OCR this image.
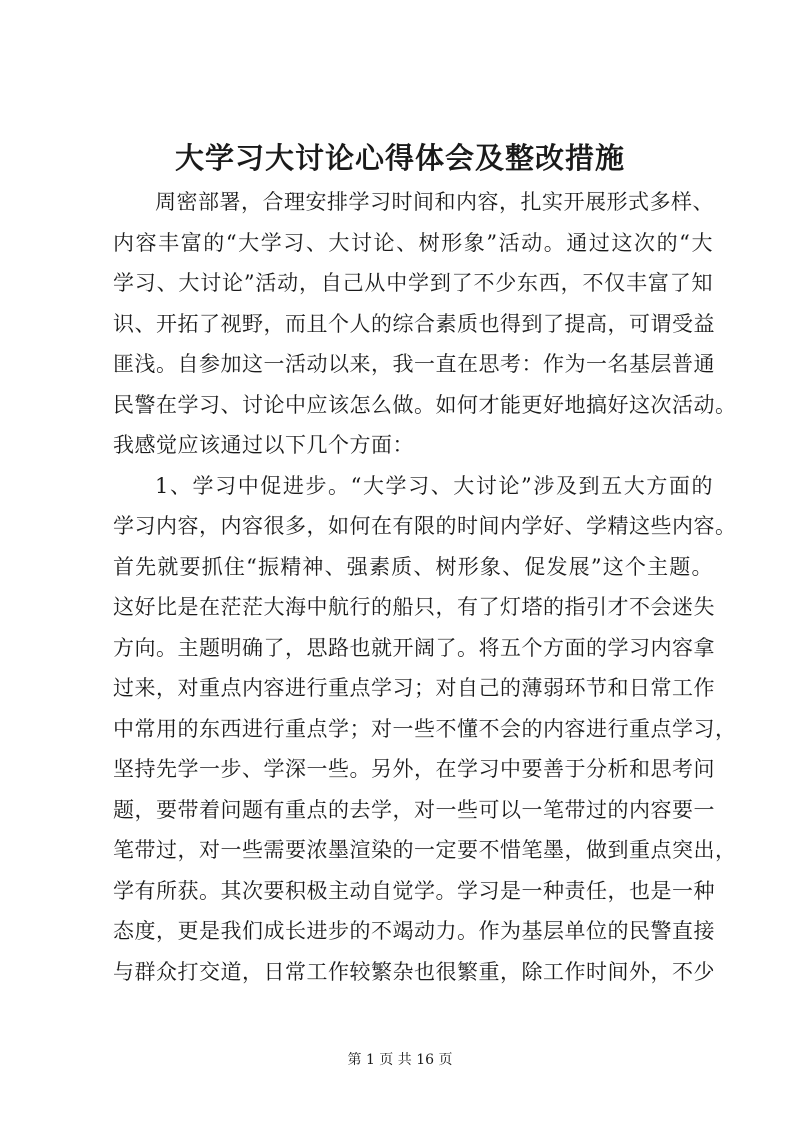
大学习大讨论心得体会及整改措施
周密部署，合理安排学习时间和内容，扎实开展形式多样、
内容丰富的“大学习、大讨论、树形象”活动。通过这次的“大
学习、大讨论”活动，自己从中学到了不少东西，不仅丰富了知
识、开拓了视野，而且个人的综合素质也得到了提高，可谓受益
匪浅。自参加这一活动以来，我一直在思考：作为一名基层普通
民警在学习、讨论中应该怎么做。如何才能更好地搞好这次活动。
我感觉应该通过以下几个方面：
1、学习中促进步。“大学习、大讨论”涉及到五大方面的
学习内容，内容很多，如何在有限的时间内学好、学精这些内容。
首先就要抓住“振精神、强素质、树形象、促发展”这个主题。
这好比是在茫茫大海中航行的船只，有了灯塔的指引才不会迷失
方向。主题明确了，思路也就开阔了。将五个方面的学习内容拿
过来，对重点内容进行重点学习；对自己的薄弱环节和日常工作
中常用的东西进行重点学；对一些不懂不会的内容进行重点学习，
坚持先学一步、学深一些。另外，在学习中要善于分析和思考问
题，要带着问题有重点的去学，对一些可以一笔带过的内容要一
笔带过，对一些需要浓墨渲染的一定要不惜笔墨，做到重点突出，
学有所获。其次要积极主动自觉学。学习是一种责任，也是一种
态度，更是我们成长进步的不竭动力。作为基层单位的民警直接
与群众打交道，日常工作较繁杂也很繁重，除工作时间外，不少
第 1 页 共 16 页
